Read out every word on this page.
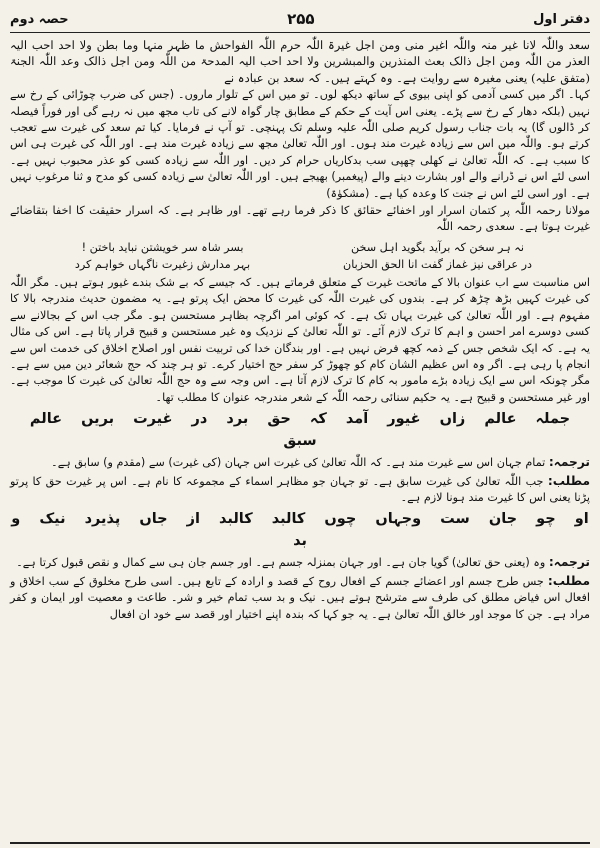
حصہ دوم	۲۵۵	دفتر اول

سعد واللّٰہ لانا غیر منہ واللّٰہ اغیر منی ومن اجل غیرۃ اللّٰہ حرم اللّٰہ الفواحش ما ظہر منہا وما بطن ولا احد احب الیہ العذر من اللّٰہ ومن اجل ذالک بعث المنذرین والمبشرین ولا احد احب الیہ المدحۃ من اللّٰہ ومن اجل ذالک وعد اللّٰہ الجنۃ (متفق علیہ) یعنی مغیرہ سے روایت ہے۔ وہ کہتے ہیں۔ کہ سعد بن عبادہ نے

کہا۔ اگر میں کسی آدمی کو اپنی بیوی کے ساتھ دیکھ لوں۔ تو میں اس کے تلوار ماروں۔ (جس کی ضرب چوڑائی کے رخ سے نہیں (بلکہ دھار کے رخ سے پڑے۔ یعنی اس آیت کے حکم کے مطابق چار گواہ لانے کی تاب مجھ میں نہ رہے گی اور فوراً فیصلہ کر ڈالوں گا) یہ بات جناب رسول کریم صلی اللّٰہ علیہ وسلم تک پہنچی۔ تو آپ نے فرمایا۔ کیا تم سعد کی غیرت سے تعجب کرتے ہو۔ واللّٰہ میں اس سے زیادہ غیرت مند ہوں۔ اور اللّٰہ تعالیٰ مجھ سے زیادہ غیرت مند ہے۔ اور اللّٰہ کی غیرت ہی اس کا سبب ہے۔ کہ اللّٰہ تعالیٰ نے کھلی چھپی سب بدکاریاں حرام کر دیں۔ اور اللّٰہ سے زیادہ کسی کو عذر محبوب نہیں ہے۔ اسی لئے اس نے ڈرانے والے اور بشارت دینے والے (پیغمبر) بھیجے ہیں۔ اور اللّٰہ تعالیٰ سے زیادہ کسی کو مدح و ثنا مرغوب نہیں ہے۔ اور اسی لئے اس نے جنت کا وعدہ کیا ہے۔ (مشکوٰۃ)

مولانا رحمہ اللّٰہ پر کتمان اسرار اور اخفائے حقائق کا ذکر فرما رہے تھے۔ اور ظاہر ہے۔ کہ اسرار حقیقت کا اخفا بتقاضائے غیرت ہوتا ہے۔ سعدی رحمہ اللّٰہ

نہ ہر سخن کہ برآید بگوید اہل سخن
بسر شاہ سر خویشتن نباید باختن !
در عراقی نیز غماز گفت انا الحق الحزبان
بہر مدارش زغیرت ناگہاں خواہم کرد

اس مناسبت سے اب عنوان بالا کے ماتحت غیرت کے متعلق فرماتے ہیں۔ کہ جیسے کہ بے شک بندے غیور ہوتے ہیں۔ مگر اللّٰہ کی غیرت کہیں بڑھ چڑھ کر ہے۔ بندوں کی غیرت اللّٰہ کی غیرت کا محض ایک پرتو ہے۔ یہ مضمون حدیث مندرجہ بالا کا مفہوم ہے۔ اور اللّٰہ تعالیٰ کی غیرت یہاں تک ہے۔ کہ کوئی امر اگرچہ بظاہر مستحسن ہو۔ مگر جب اس کے بجالانے سے کسی دوسرے امر احسن و اہم کا ترک لازم آئے۔ تو اللّٰہ تعالیٰ کے نزدیک وہ غیر مستحسن و قبیح قرار پاتا ہے۔ اس کی مثال یہ ہے۔ کہ ایک شخص جس کے ذمہ کچھ فرض نہیں ہے۔ اور بندگان خدا کی تربیت نفس اور اصلاح اخلاق کی خدمت اس سے انجام پا رہی ہے۔ اگر وہ اس عظیم الشان کام کو چھوڑ کر سفر حج اختیار کرے۔ تو ہر چند کہ حج شعائر دین میں سے ہے۔ مگر چونکہ اس سے ایک زیادہ بڑے مامور بہ کام کا ترک لازم آتا ہے۔ اس وجہ سے وہ حج اللّٰہ تعالیٰ کی غیرت کا موجب ہے۔ اور غیر مستحسن و قبیح ہے۔ یہ حکیم سنائی رحمہ اللّٰہ کے شعر مندرجہ عنوان کا مطلب تھا۔

جملہ عالم زاں غیور آمد کہ حق برد در غیرت بریں عالم سبق

ترجمہ: تمام جہان اس سے غیرت مند ہے۔ کہ اللّٰہ تعالیٰ کی غیرت اس جہان (کی غیرت) سے (مقدم و) سابق ہے۔

مطلب: جب اللّٰہ تعالیٰ کی غیرت سابق ہے۔ تو جہان جو مظاہر اسماء کے مجموعہ کا نام ہے۔ اس پر غیرت حق کا پرتو پڑنا یعنی اس کا غیرت مند ہونا لازم ہے۔

او چو جان ست وجہاں چوں کالبد کالبد از جاں پذیرد نیک و بد

ترجمہ: وہ (یعنی حق تعالیٰ) گویا جان ہے۔ اور جہان بمنزلہ جسم ہے۔ اور جسم جان ہی سے کمال و نقص قبول کرتا ہے۔

مطلب: جس طرح جسم اور اعضائے جسم کے افعال روح کے قصد و ارادہ کے تابع ہیں۔ اسی طرح مخلوق کے سب اخلاق و افعال اس فیاض مطلق کی طرف سے مترشح ہوتے ہیں۔ نیک و بد سب تمام خیر و شر۔ طاعت و معصیت اور ایمان و کفر مراد ہے۔ جن کا موجد اور خالق اللّٰہ تعالیٰ ہے۔ یہ جو کہا کہ بندہ اپنے اختیار اور قصد سے خود ان افعال
